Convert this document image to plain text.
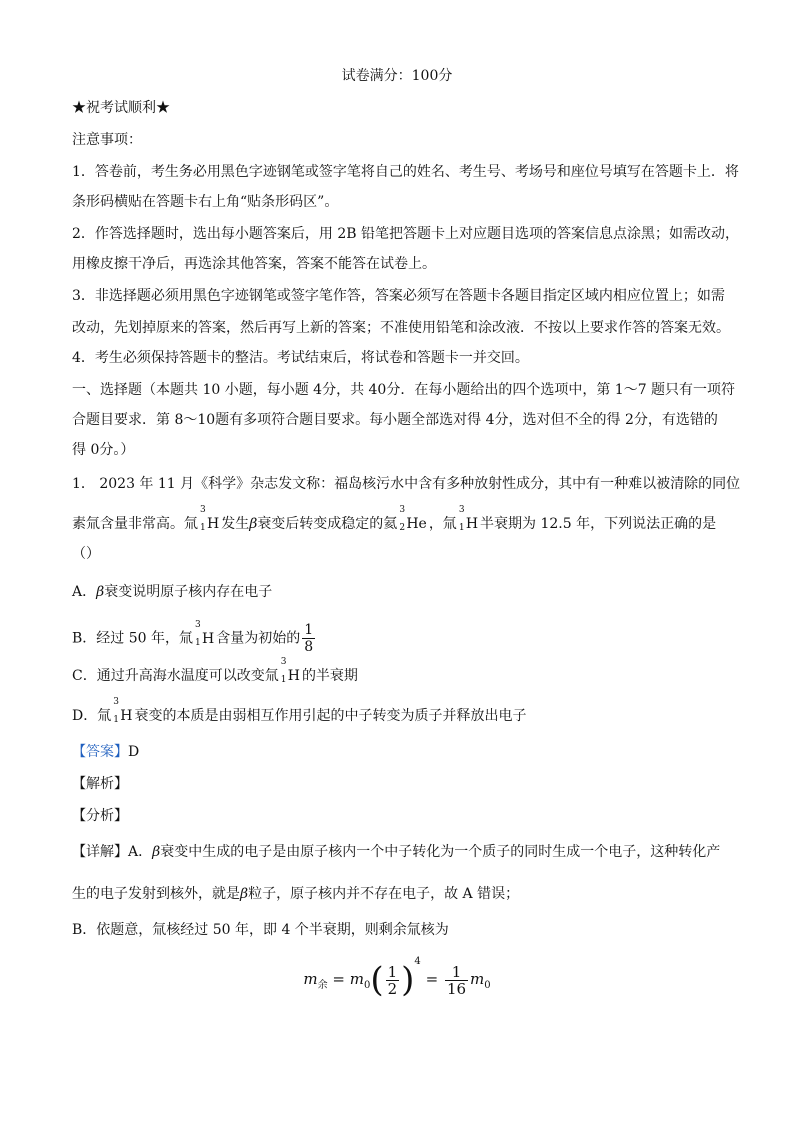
试卷满分：100分
★祝考试顺利★
注意事项：
1．答卷前，考生务必用黑色字迹钢笔或签字笔将自己的姓名、考生号、考场号和座位号填写在答题卡上．将
条形码横贴在答题卡右上角“贴条形码区”。
2．作答选择题时，选出每小题答案后，用 2B 铅笔把答题卡上对应题目选项的答案信息点涂黑；如需改动，
用橡皮擦干净后，再选涂其他答案，答案不能答在试卷上。
3．非选择题必须用黑色字迹钢笔或签字笔作答，答案必须写在答题卡各题目指定区域内相应位置上；如需
改动，先划掉原来的答案，然后再写上新的答案；不准使用铅笔和涂改液．不按以上要求作答的答案无效。
4．考生必须保持答题卡的整洁。考试结束后，将试卷和答题卡一并交回。
一、选择题（本题共 10 小题，每小题 4分，共 40分．在每小题给出的四个选项中，第 1～7 题只有一项符
合题目要求．第 8～10题有多项符合题目要求。每小题全部选对得 4分，选对但不全的得 2分，有选错的
得 0分。）
1． 2023 年 11 月《科学》杂志发文称：福岛核污水中含有多种放射性成分，其中有一种难以被清除的同位
素氚含量非常高。氚
3
1 H 发生β衰变后转变成稳定的氦
3
2 He ，氚
3
1 H 半衰期为 12.5 年，下列说法正确的是
（）
A．β衰变说明原子核内存在电子
B．经过 50 年，氚
3
1 H 含量为初始的 $\frac{1}{8}$
C．通过升高海水温度可以改变氚
3
1 H 的半衰期
D．氚
3
1 H 衰变的本质是由弱相互作用引起的中子转变为质子并释放出电子
【答案】D
【解析】
【分析】
【详解】A．β衰变中生成的电子是由原子核内一个中子转化为一个质子的同时生成一个电子，这种转化产
生的电子发射到核外，就是β粒子，原子核内并不存在电子，故 A 错误；
B．依题意，氚核经过 50 年，即 4 个半衰期，则剩余氚核为
$m_余 = m_0( \frac{1}{2} )^4 = \frac{1}{16} m_0$
